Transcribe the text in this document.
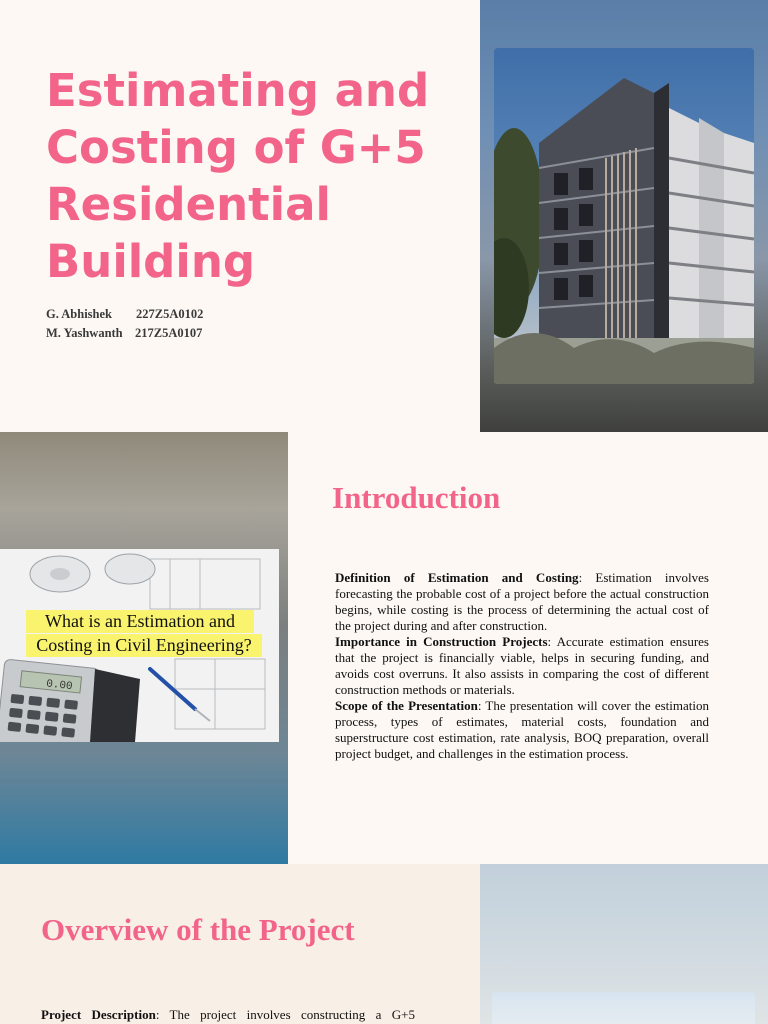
Estimating and Costing of G+5 Residential Building
G. Abhishek 227Z5A0102
M. Yashwanth 217Z5A0107
What is an Estimation and
Costing in Civil Engineering?
0.00
Introduction

Definition of Estimation and Costing: Estimation involves forecasting the probable cost of a project before the actual construction begins, while costing is the process of determining the actual cost of the project during and after construction.

Importance in Construction Projects: Accurate estimation ensures that the project is financially viable, helps in securing funding, and avoids cost overruns. It also assists in comparing the cost of different construction methods or materials.

Scope of the Presentation: The presentation will cover the estimation process, types of estimates, material costs, foundation and superstructure cost estimation, rate analysis, BOQ preparation, overall project budget, and challenges in the estimation process.

Overview of the Project
Project Description: The project involves constructing a G+5
